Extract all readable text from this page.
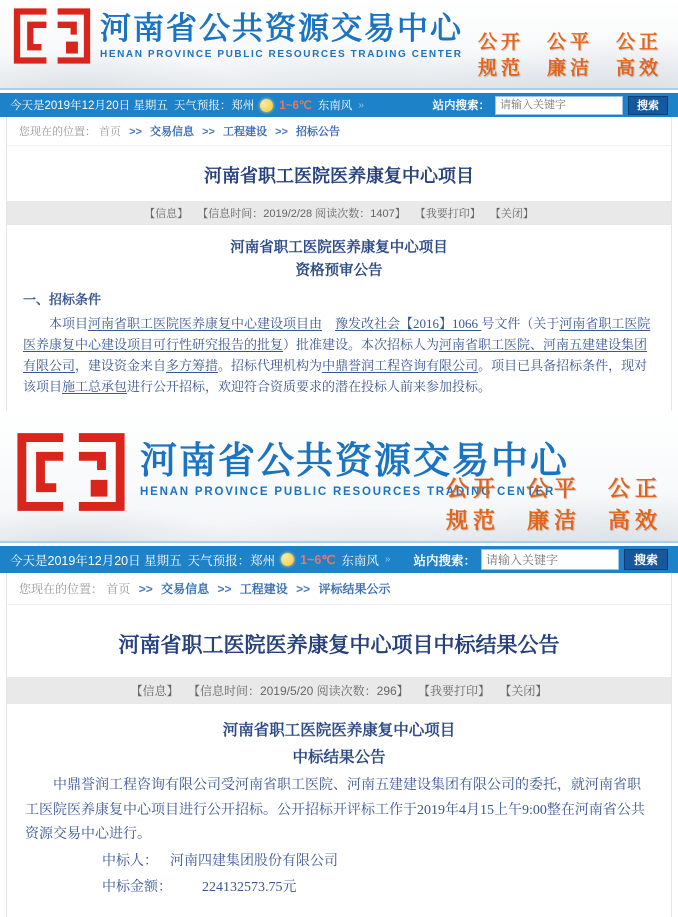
河南省公共资源交易中心
HENAN PROVINCE PUBLIC RESOURCES TRADING CENTER
公开　公平　公正
规范　廉洁　高效
今天是2019年12月20日 星期五 天气预报：郑州 1~6℃ 东南风 »	站内搜索：
请输入关键字	搜索
您现在的位置： 首页 >> 交易信息 >> 工程建设 >> 招标公告
河南省职工医院医养康复中心项目
【信息】 【信息时间：2019/2/28 阅读次数：1407】 【我要打印】 【关闭】
河南省职工医院医养康复中心项目
资格预审公告
一、招标条件

本项目河南省职工医院医养康复中心建设项目由　 豫发改社会【2016】1066 号文件（关于河南省职工医院医养康复中心建设项目可行性研究报告的批复）批准建设。本次招标人为河南省职工医院、河南五建建设集团有限公司，建设资金来自多方筹措。招标代理机构为中鼎誉润工程咨询有限公司。项目已具备招标条件，现对该项目施工总承包进行公开招标，欢迎符合资质要求的潜在投标人前来参加投标。

河南省公共资源交易中心
HENAN PROVINCE PUBLIC RESOURCES TRADING CENTER
公开　公平　公正
规范　廉洁　高效
今天是2019年12月20日 星期五 天气预报：郑州 1~6℃ 东南风 » 站内搜索：
请输入关键字	搜索
您现在的位置： 首页 >> 交易信息 >> 工程建设 >> 评标结果公示
河南省职工医院医养康复中心项目中标结果公告
【信息】 【信息时间：2019/5/20 阅读次数：296】 【我要打印】 【关闭】
河南省职工医院医养康复中心项目
中标结果公告

中鼎誉润工程咨询有限公司受河南省职工医院、河南五建建设集团有限公司的委托，就河南省职工医院医养康复中心项目进行公开招标。公开招标开评标工作于2019年4月15上午9:00整在河南省公共资源交易中心进行。

中标人： 河南四建集团股份有限公司
中标金额： 224132573.75元
